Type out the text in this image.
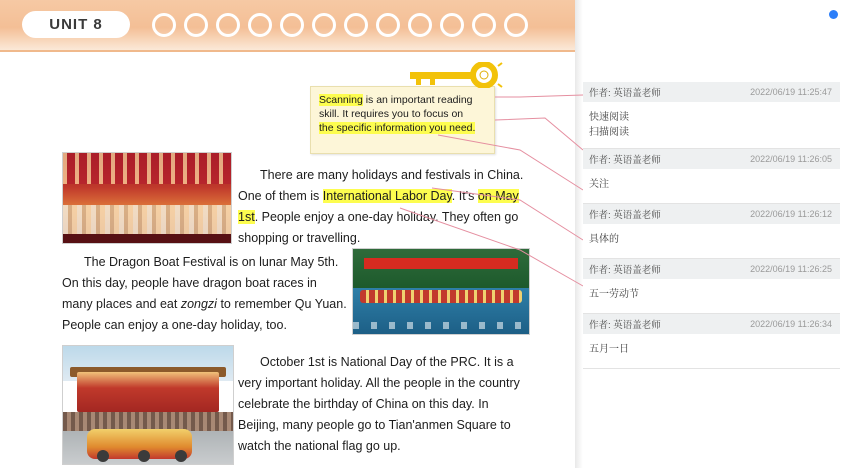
UNIT 8
There are many holidays and festivals in China. One of them is International Labor Day. It's on May 1st. People enjoy a one-day holiday. They often go shopping or travelling.
The Dragon Boat Festival is on lunar May 5th. On this day, people have dragon boat races in many places and eat zongzi to remember Qu Yuan. People can enjoy a one-day holiday, too.
October 1st is National Day of the PRC. It is a very important holiday. All the people in the country celebrate the birthday of China on this day. In Beijing, many people go to Tian'anmen Square to watch the national flag go up.
Scanning is an important reading
skill. It requires you to focus on
the specific information you need.
作者: 英语盖老师	2022/06/19 11:25:47
快速阅读
扫描阅读
作者: 英语盖老师	2022/06/19 11:26:05
关注
作者: 英语盖老师	2022/06/19 11:26:12
具体的
作者: 英语盖老师	2022/06/19 11:26:25
五一劳动节
作者: 英语盖老师	2022/06/19 11:26:34
五月一日
